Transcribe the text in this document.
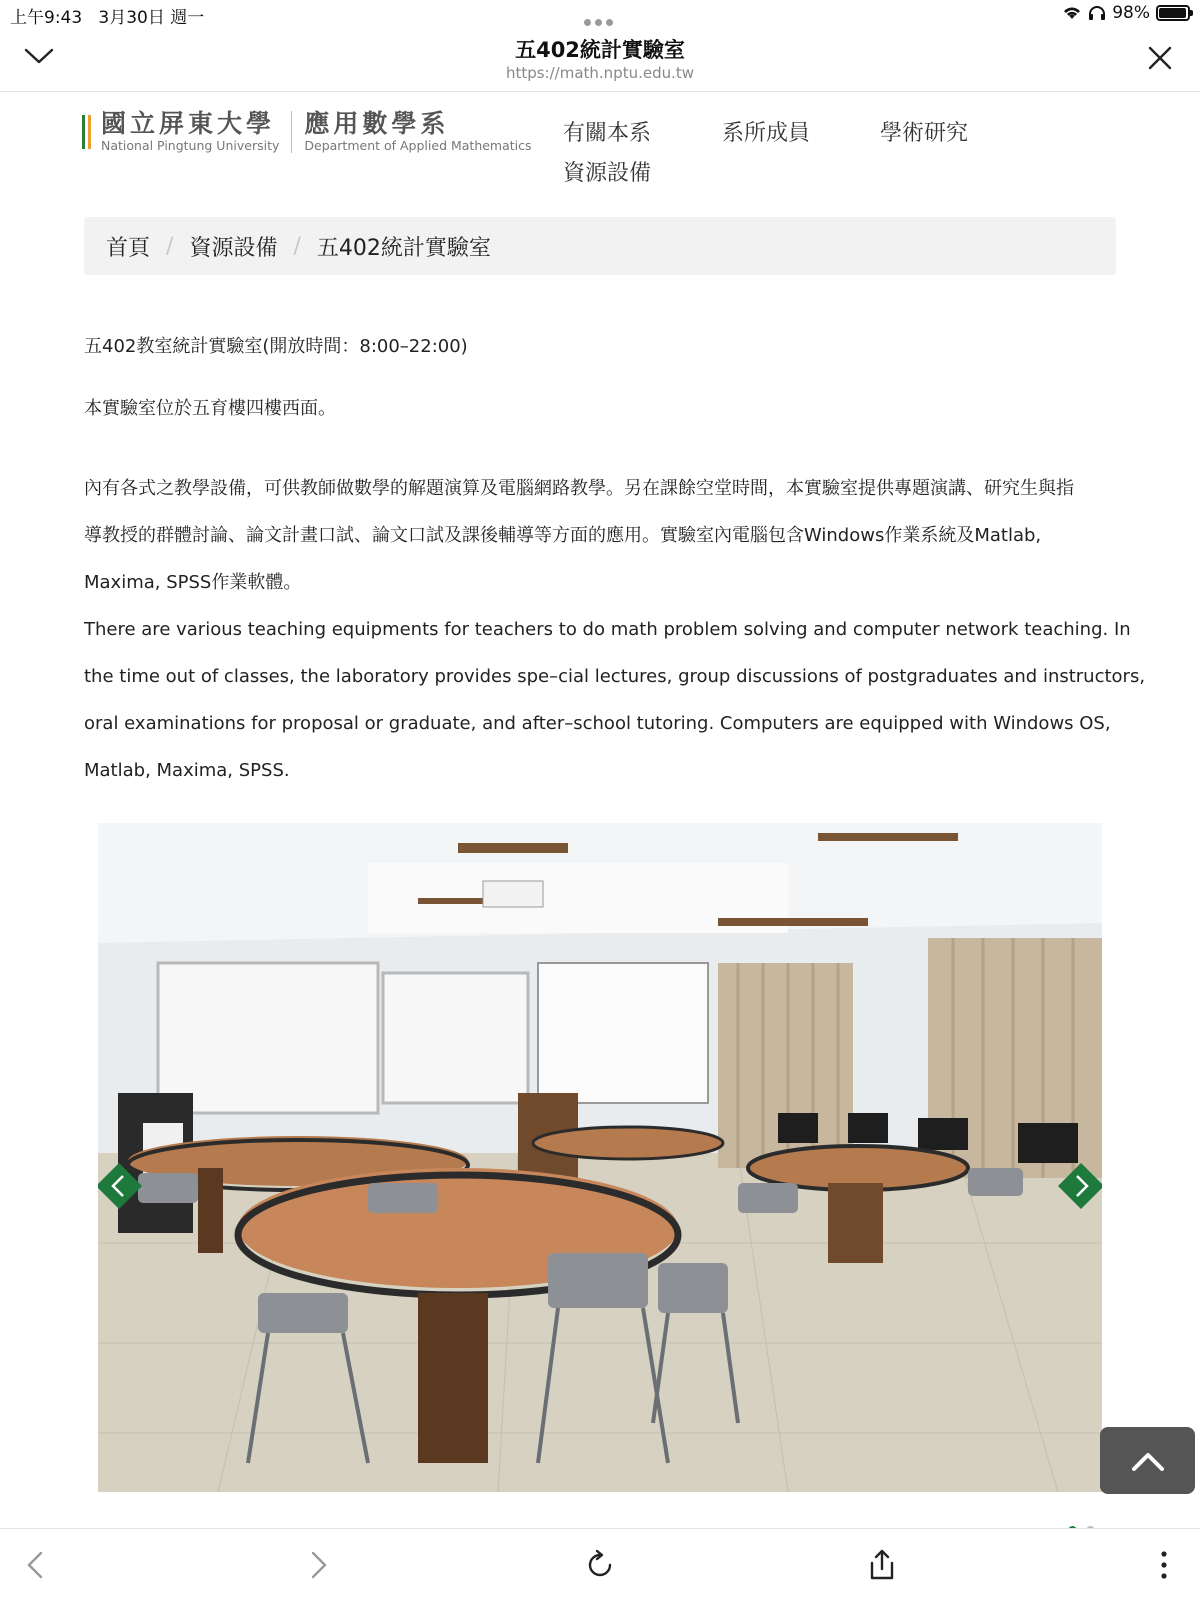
上午9:43 3月30日 週一	98%
五402統計實驗室
https://math.nptu.edu.tw
國立屏東大學
National Pingtung University
應用數學系
Department of Applied Mathematics 有關本系	系所成員	學術研究
資源設備
首頁 / 資源設備 / 五402統計實驗室
五402教室統計實驗室(開放時間：8:00–22:00)
本實驗室位於五育樓四樓西面。
內有各式之教學設備，可供教師做數學的解題演算及電腦網路教學。另在課餘空堂時間，本實驗室提供專題演講、研究生與指
導教授的群體討論、論文計畫口試、論文口試及課後輔導等方面的應用。實驗室內電腦包含Windows作業系統及Matlab,
Maxima, SPSS作業軟體。
There are various teaching equipments for teachers to do math problem solving and computer network teaching. In
the time out of classes, the laboratory provides spe–cial lectures, group discussions of postgraduates and instructors,
oral examinations for proposal or graduate, and after–school tutoring. Computers are equipped with Windows OS,
Matlab, Maxima, SPSS.
